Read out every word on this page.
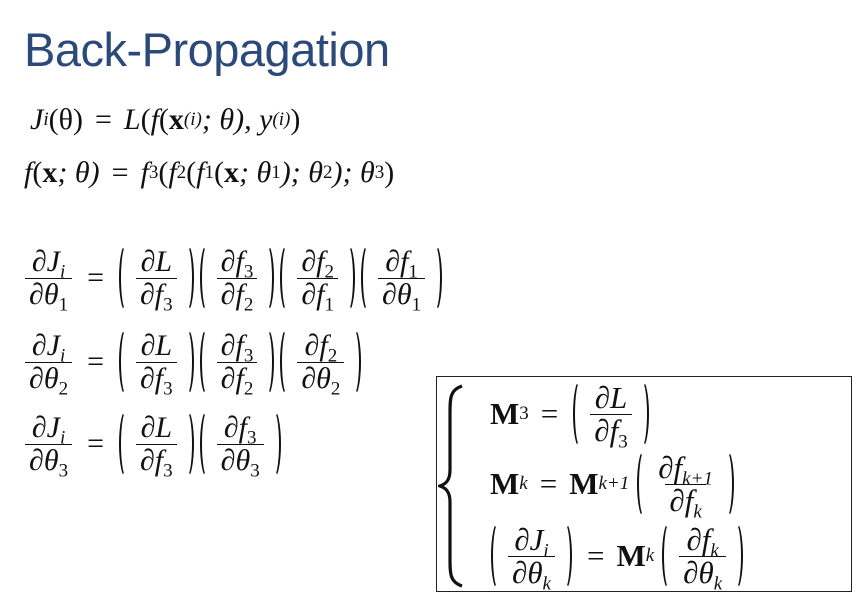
Back-Propagation
J i (θ) = L ( f ( x (i) ; θ) , y (i) )
f ( x ; θ) = f 3 ( f 2 ( f 1 ( x ; θ 1 ); θ 2 ); θ 3 )
$\frac{\partial J_i}{\partial\theta_1} = \frac{\partial L}{\partial f_3} \frac{\partial f_3}{\partial f_2} \frac{\partial f_2}{\partial f_1} \frac{\partial f_1}{\partial\theta_1}$
$\frac{\partial J_i}{\partial\theta_2} = \frac{\partial L}{\partial f_3} \frac{\partial f_3}{\partial f_2} \frac{\partial f_2}{\partial\theta_2}$
$\frac{\partial J_i}{\partial\theta_3} = \frac{\partial L}{\partial f_3} \frac{\partial f_3}{\partial\theta_3}$	M $3 = \frac{\partial L}{\partial f_3}$
M k = M $k+1 \frac{\partial f_{k+1}}{\partial f_k}$
$\frac{\partial J_i}{\partial\theta_k} = M$ k $\frac{\partial f_k}{\partial\theta_k}$
